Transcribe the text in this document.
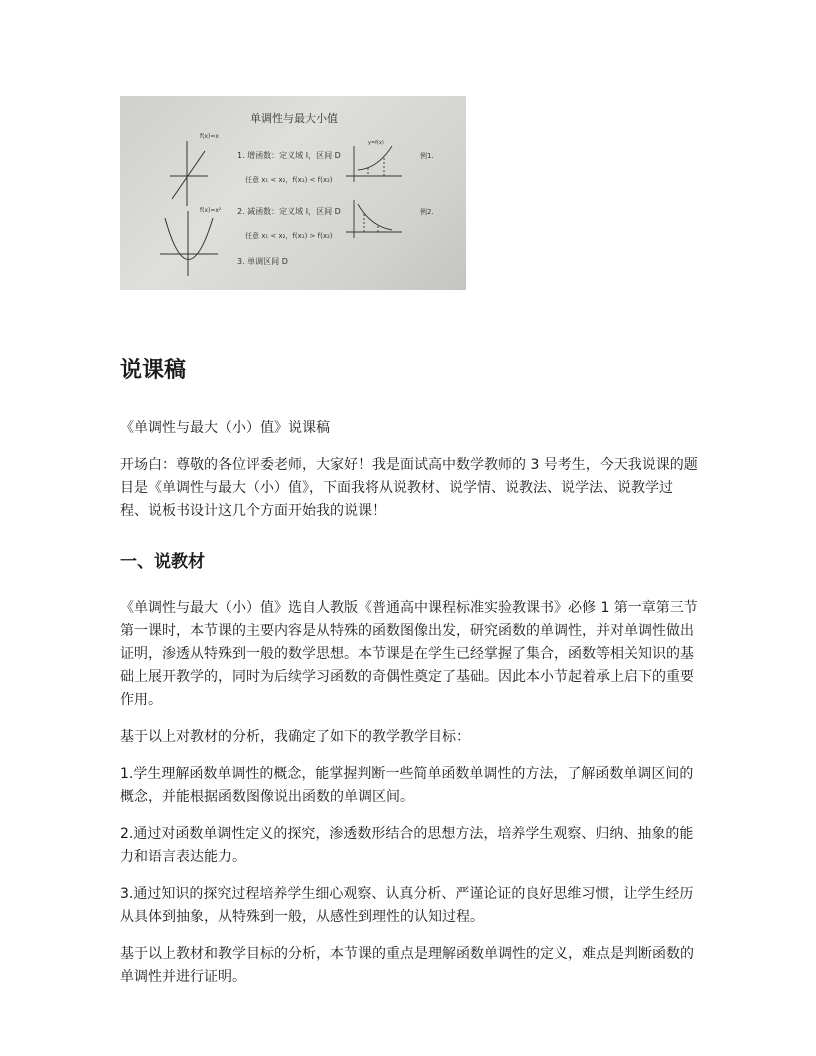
单调性与最大小值
f(x)=x
f(x)=x²
1. 增函数：定义域 I，区间 D
任意 x₁ < x₂，f(x₁) < f(x₂)
2. 减函数：定义域 I，区间 D
任意 x₁ < x₂，f(x₁) > f(x₂)
3. 单调区间 D
y=f(x)
例1.
例2.
说课稿

《单调性与最大（小）值》说课稿

开场白：尊敬的各位评委老师，大家好！我是面试高中数学教师的 3 号考生，今天我说课的题目是《单调性与最大（小）值》，下面我将从说教材、说学情、说教法、说学法、说教学过程、说板书设计这几个方面开始我的说课！

一、说教材

《单调性与最大（小）值》选自人教版《普通高中课程标准实验教课书》必修 1 第一章第三节第一课时，本节课的主要内容是从特殊的函数图像出发，研究函数的单调性，并对单调性做出证明，渗透从特殊到一般的数学思想。本节课是在学生已经掌握了集合，函数等相关知识的基础上展开教学的，同时为后续学习函数的奇偶性奠定了基础。因此本小节起着承上启下的重要作用。

基于以上对教材的分析，我确定了如下的教学教学目标：

1.学生理解函数单调性的概念，能掌握判断一些简单函数单调性的方法，了解函数单调区间的概念，并能根据函数图像说出函数的单调区间。

2.通过对函数单调性定义的探究，渗透数形结合的思想方法，培养学生观察、归纳、抽象的能力和语言表达能力。

3.通过知识的探究过程培养学生细心观察、认真分析、严谨论证的良好思维习惯，让学生经历从具体到抽象，从特殊到一般，从感性到理性的认知过程。

基于以上教材和教学目标的分析，本节课的重点是理解函数单调性的定义，难点是判断函数的单调性并进行证明。
